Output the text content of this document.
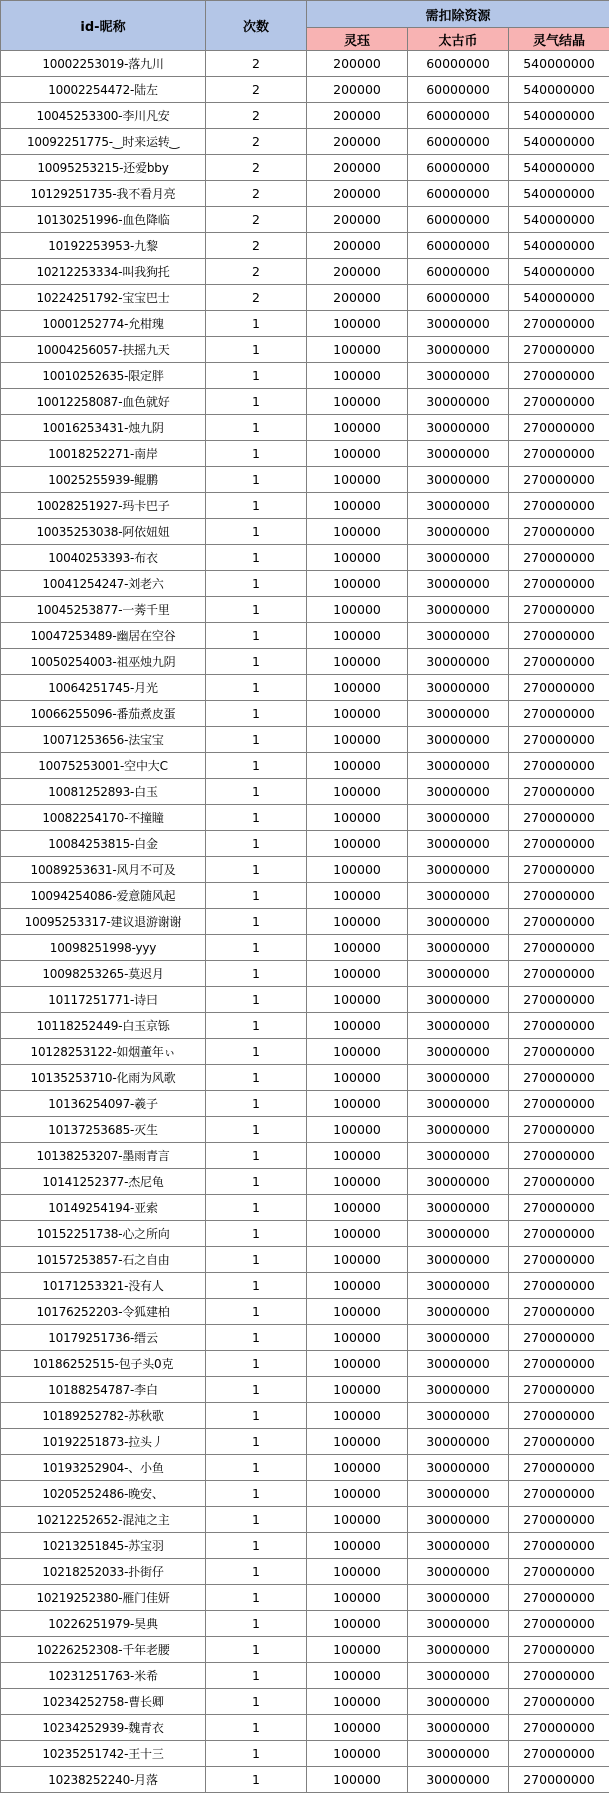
id-昵称	次数	需扣除资源		
		灵珏	太古币	灵气结晶
10002253019-落九川	2	200000	60000000	540000000
10002254472-陆左	2	200000	60000000	540000000
10045253300-李川凡安	2	200000	60000000	540000000
10092251775-‿时来运转‿	2	200000	60000000	540000000
10095253215-还爱bby	2	200000	60000000	540000000
10129251735-我不看月亮	2	200000	60000000	540000000
10130251996-血色降临	2	200000	60000000	540000000
10192253953-九黎	2	200000	60000000	540000000
10212253334-叫我狗托	2	200000	60000000	540000000
10224251792-宝宝巴士	2	200000	60000000	540000000
10001252774-允柑瑰	1	100000	30000000	270000000
10004256057-扶摇九天	1	100000	30000000	270000000
10010252635-限定胖	1	100000	30000000	270000000
10012258087-血色就好	1	100000	30000000	270000000
10016253431-烛九阴	1	100000	30000000	270000000
10018252271-南岸	1	100000	30000000	270000000
10025255939-鲲鹏	1	100000	30000000	270000000
10028251927-玛卡巴子	1	100000	30000000	270000000
10035253038-阿依妞妞	1	100000	30000000	270000000
10040253393-布衣	1	100000	30000000	270000000
10041254247-刘老六	1	100000	30000000	270000000
10045253877-一莠千里	1	100000	30000000	270000000
10047253489-幽居在空谷	1	100000	30000000	270000000
10050254003-祖巫烛九阴	1	100000	30000000	270000000
10064251745-月光	1	100000	30000000	270000000
10066255096-番茄煮皮蛋	1	100000	30000000	270000000
10071253656-法宝宝	1	100000	30000000	270000000
10075253001-空中大C	1	100000	30000000	270000000
10081252893-白玉	1	100000	30000000	270000000
10082254170-不撞瞳	1	100000	30000000	270000000
10084253815-白金	1	100000	30000000	270000000
10089253631-风月不可及	1	100000	30000000	270000000
10094254086-爱意随风起	1	100000	30000000	270000000
10095253317-建议退游谢谢	1	100000	30000000	270000000
10098251998-yyy	1	100000	30000000	270000000
10098253265-莫迟月	1	100000	30000000	270000000
10117251771-诗曰	1	100000	30000000	270000000
10118252449-白玉京铄	1	100000	30000000	270000000
10128253122-如烟董年ぃ	1	100000	30000000	270000000
10135253710-化雨为风歌	1	100000	30000000	270000000
10136254097-羲子	1	100000	30000000	270000000
10137253685-灭生	1	100000	30000000	270000000
10138253207-墨雨青言	1	100000	30000000	270000000
10141252377-杰尼龟	1	100000	30000000	270000000
10149254194-亚索	1	100000	30000000	270000000
10152251738-心之所向	1	100000	30000000	270000000
10157253857-石之自由	1	100000	30000000	270000000
10171253321-没有人	1	100000	30000000	270000000
10176252203-令狐建柏	1	100000	30000000	270000000
10179251736-缙云	1	100000	30000000	270000000
10186252515-包子头0克	1	100000	30000000	270000000
10188254787-李白	1	100000	30000000	270000000
10189252782-苏秋歌	1	100000	30000000	270000000
10192251873-拉头丿	1	100000	30000000	270000000
10193252904-、小鱼	1	100000	30000000	270000000
10205252486-晚安、	1	100000	30000000	270000000
10212252652-混沌之主	1	100000	30000000	270000000
10213251845-苏宝羽	1	100000	30000000	270000000
10218252033-扑街仔	1	100000	30000000	270000000
10219252380-雁门佳妍	1	100000	30000000	270000000
10226251979-昊典	1	100000	30000000	270000000
10226252308-千年老腰	1	100000	30000000	270000000
10231251763-米希	1	100000	30000000	270000000
10234252758-曹长卿	1	100000	30000000	270000000
10234252939-魏青衣	1	100000	30000000	270000000
10235251742-王十三	1	100000	30000000	270000000
10238252240-月落	1	100000	30000000	270000000
